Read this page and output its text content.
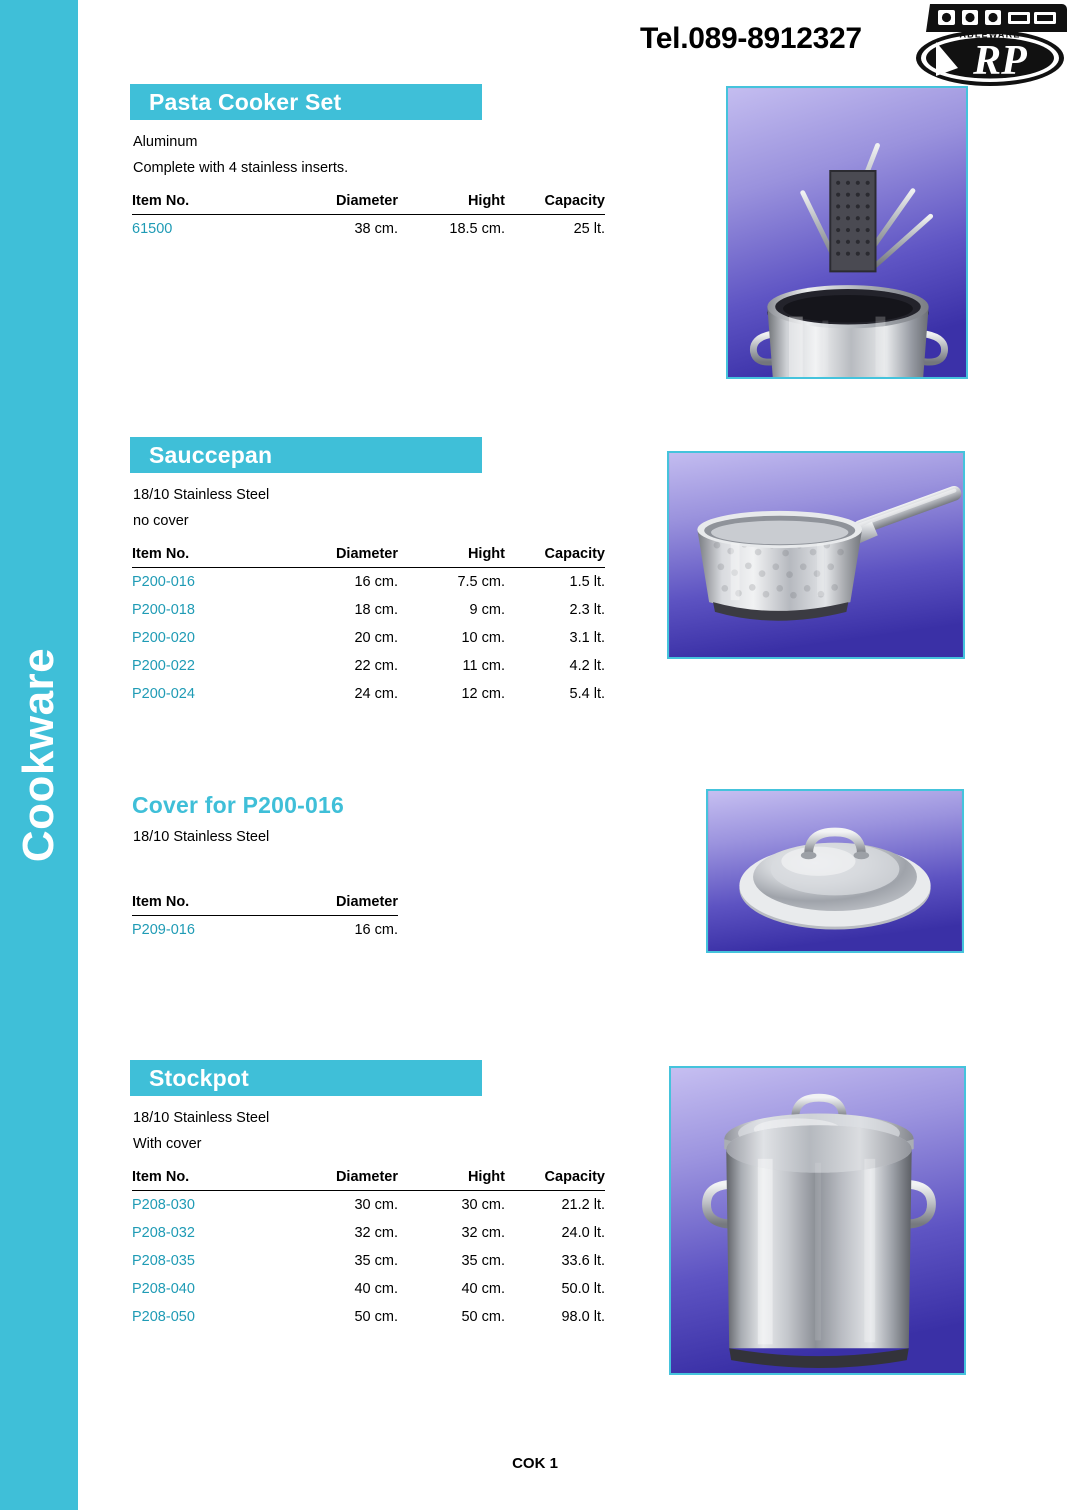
Cookware
Tel.089-8912327	ABLEWARE
RP
Pasta Cooker Set
Aluminum
Complete with 4 stainless inserts.
Item No.	Diameter	Hight	Capacity
61500	38 cm.	18.5 cm.	25 lt.
Sauccepan
18/10 Stainless Steel
no cover
Item No.	Diameter	Hight	Capacity
P200-016	16 cm.	7.5 cm.	1.5 lt.
P200-018	18 cm.	9 cm.	2.3 lt.
P200-020	20 cm.	10 cm.	3.1 lt.
P200-022	22 cm.	11 cm.	4.2 lt.
P200-024	24 cm.	12 cm.	5.4 lt.
Cover for P200-016
18/10 Stainless Steel
Item No.	Diameter
P209-016	16 cm.
Stockpot
18/10 Stainless Steel
With cover
Item No.	Diameter	Hight	Capacity
P208-030	30 cm.	30 cm.	21.2 lt.
P208-032	32 cm.	32 cm.	24.0 lt.
P208-035	35 cm.	35 cm.	33.6 lt.
P208-040	40 cm.	40 cm.	50.0 lt.
P208-050	50 cm.	50 cm.	98.0 lt.
COK 1
